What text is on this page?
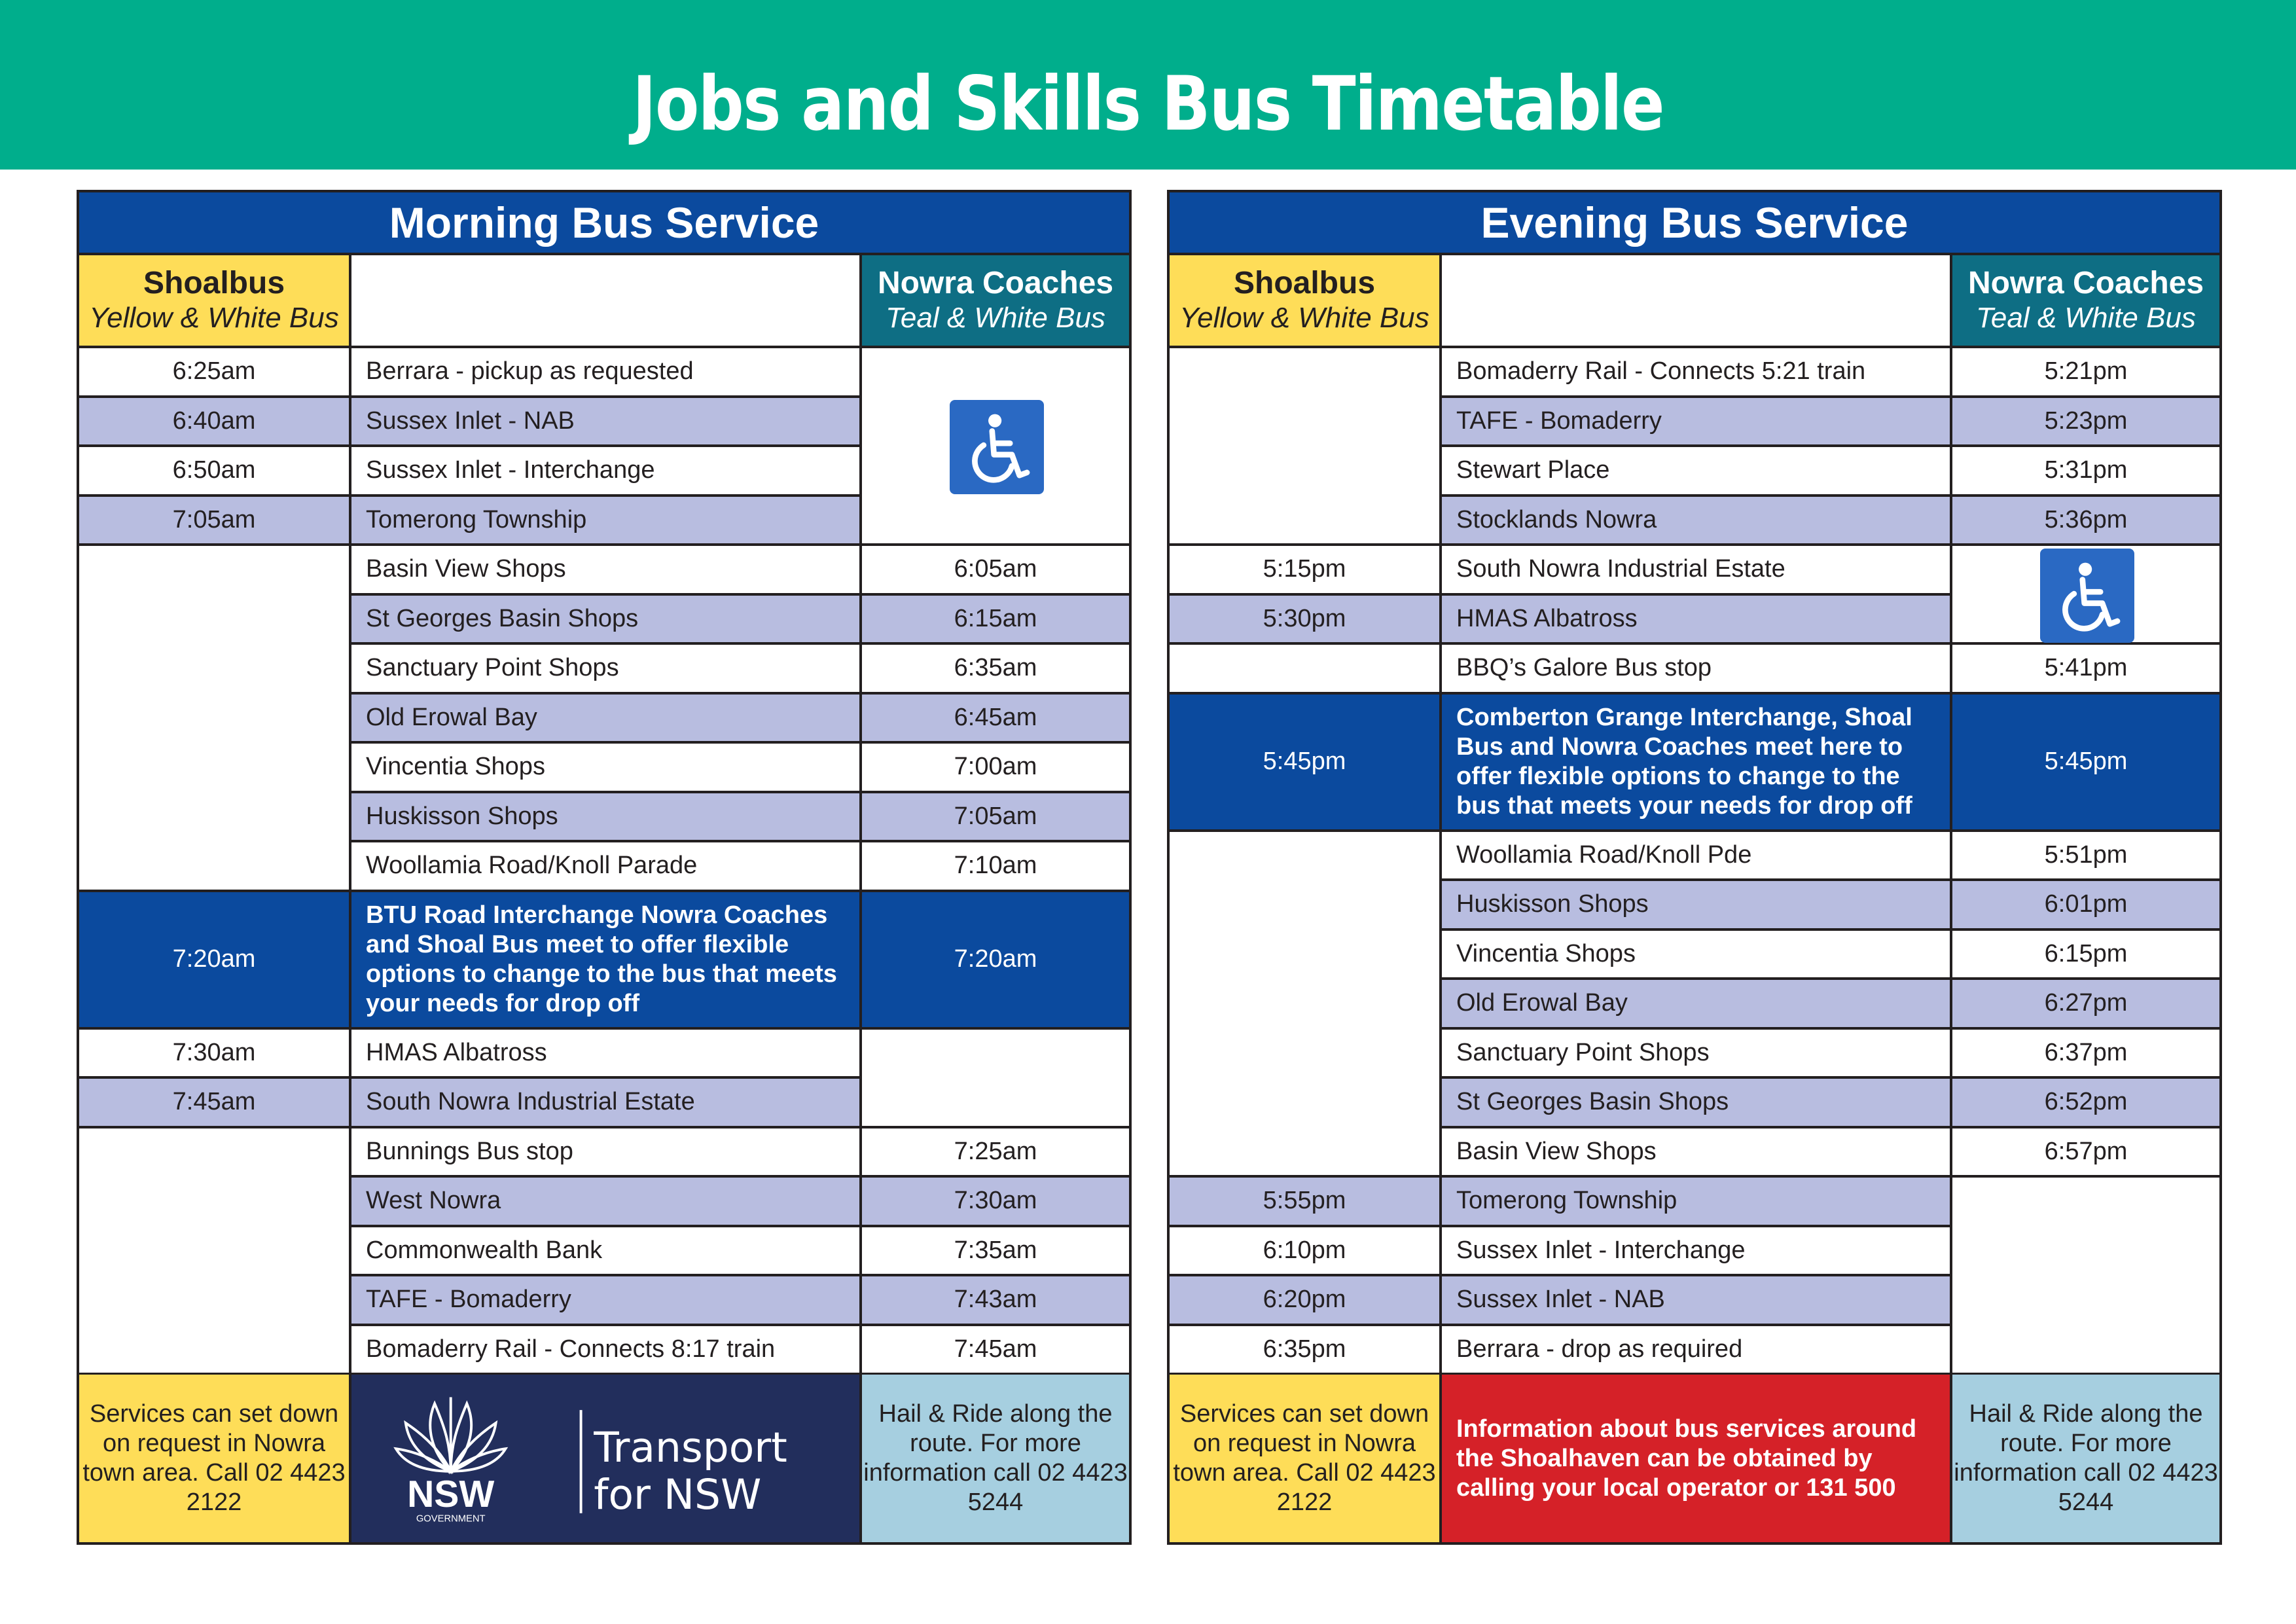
Jobs and Skills Bus Timetable
Morning Bus Service
Shoalbus
Yellow & White Bus
Nowra Coaches
Teal & White Bus
Berrara - pickup as requested
Sussex Inlet - NAB
Sussex Inlet - Interchange
Tomerong Township
Basin View Shops
St Georges Basin Shops
Sanctuary Point Shops
Old Erowal Bay
Vincentia Shops
Huskisson Shops
Woollamia Road/Knoll Parade
BTU Road Interchange Nowra Coaches and Shoal Bus meet to offer flexible options to change to the bus that meets your needs for drop off
HMAS Albatross
South Nowra Industrial Estate
Bunnings Bus stop
West Nowra
Commonwealth Bank
TAFE - Bomaderry
Bomaderry Rail - Connects 8:17 train
6:25am
6:40am
6:50am
7:05am
7:20am
7:30am
7:45am
6:05am
6:15am
6:35am
6:45am
7:00am
7:05am
7:10am
7:20am
7:25am
7:30am
7:35am
7:43am
7:45am
Services can set down on request in Nowra town area. Call 02 4423 2122	NSW
GOVERNMENT
Transport
for NSW
Hail & Ride along the route. For more information call 02 4423 5244
Evening Bus Service
Shoalbus
Yellow & White Bus
Nowra Coaches
Teal & White Bus
Bomaderry Rail - Connects 5:21 train
TAFE - Bomaderry
Stewart Place
Stocklands Nowra
South Nowra Industrial Estate
HMAS Albatross
BBQ’s Galore Bus stop
Comberton Grange Interchange, Shoal Bus and Nowra Coaches meet here to offer flexible options to change to the bus that meets your needs for drop off
Woollamia Road/Knoll Pde
Huskisson Shops
Vincentia Shops
Old Erowal Bay
Sanctuary Point Shops
St Georges Basin Shops
Basin View Shops
Tomerong Township
Sussex Inlet - Interchange
Sussex Inlet - NAB
Berrara - drop as required
5:15pm
5:30pm
5:45pm
5:55pm
6:10pm
6:20pm
6:35pm
5:21pm
5:23pm
5:31pm
5:36pm
5:41pm
5:45pm
5:51pm
6:01pm
6:15pm
6:27pm
6:37pm
6:52pm
6:57pm
Services can set down on request in Nowra town area. Call 02 4423 2122
Information about bus services around the Shoalhaven can be obtained by calling your local operator or 131 500
Hail & Ride along the route. For more information call 02 4423 5244
